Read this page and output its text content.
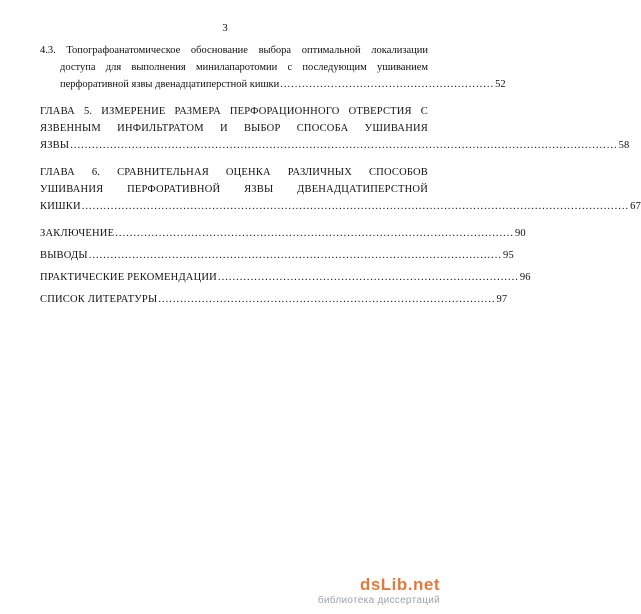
3
4.3. Топографоанатомическое обоснование выбора оптимальной локализации
доступа для выполнения минилапаротомии с последующим ушиванием
перфоративной язвы двенадцатиперстной кишки ........................................................... 52
ГЛАВА 5. ИЗМЕРЕНИЕ РАЗМЕРА ПЕРФОРАЦИОННОГО ОТВЕРСТИЯ С
ЯЗВЕННЫМ ИНФИЛЬТРАТОМ И ВЫБОР СПОСОБА УШИВАНИЯ
ЯЗВЫ ....................................................................................................................................................... 58
ГЛАВА 6. СРАВНИТЕЛЬНАЯ ОЦЕНКА РАЗЛИЧНЫХ СПОСОБОВ
УШИВАНИЯ ПЕРФОРАТИВНОЙ ЯЗВЫ ДВЕНАДЦАТИПЕРСТНОЙ
КИШКИ ....................................................................................................................................................... 67
ЗАКЛЮЧЕНИЕ .............................................................................................................. 90
ВЫВОДЫ .................................................................................................................. 95
ПРАКТИЧЕСКИЕ РЕКОМЕНДАЦИИ ................................................................................... 96
СПИСОК ЛИТЕРАТУРЫ ............................................................................................. 97
dsLib.net
библиотека диссертаций
